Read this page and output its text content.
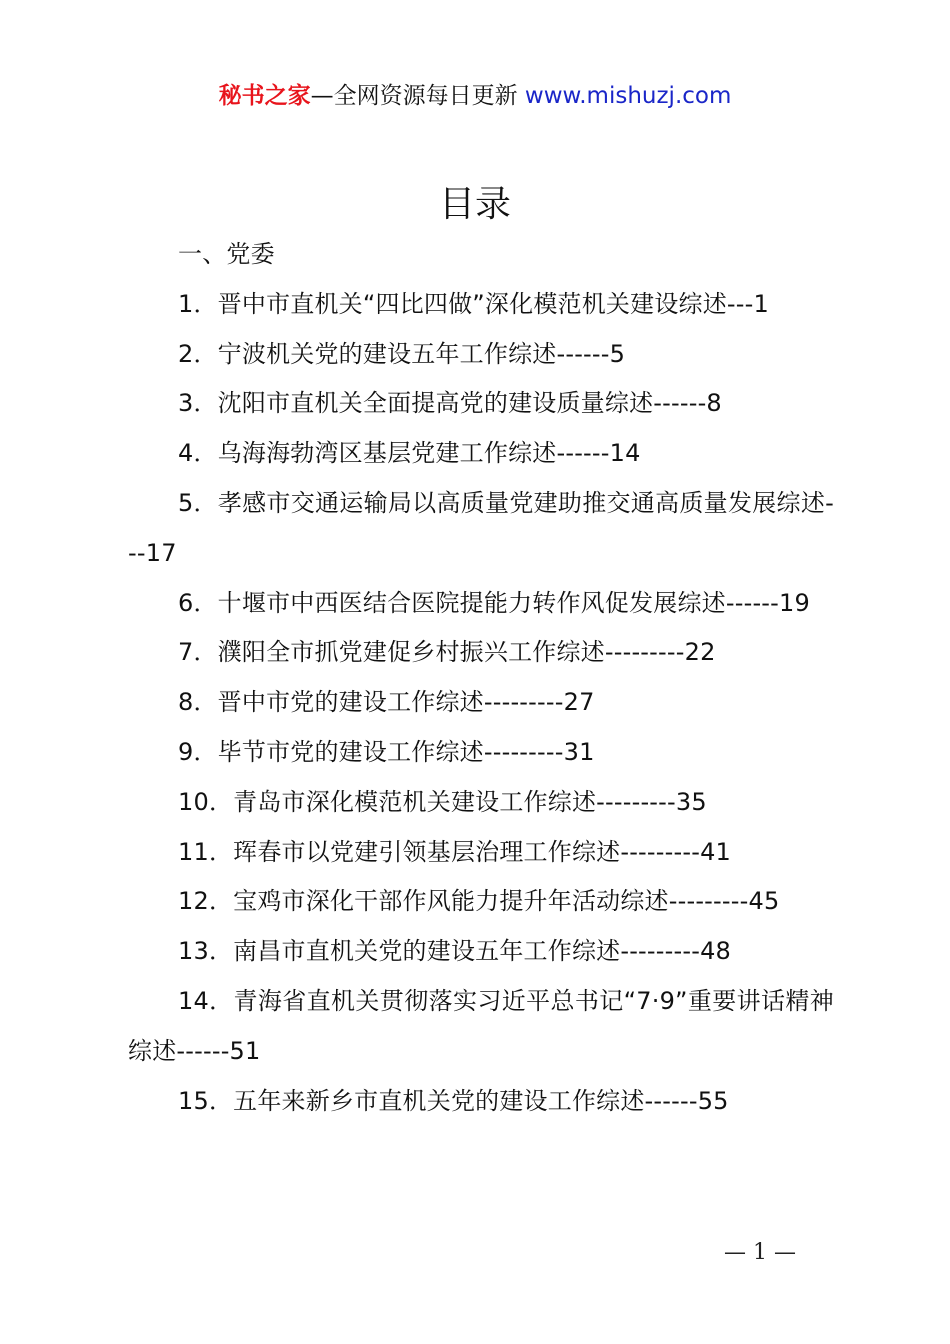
秘书之家—全网资源每日更新 www.mishuzj.com
目录
一、党委
1．晋中市直机关“四比四做”深化模范机关建设综述---1
2．宁波机关党的建设五年工作综述------5
3．沈阳市直机关全面提高党的建设质量综述------8
4．乌海海勃湾区基层党建工作综述------14
5．孝感市交通运输局以高质量党建助推交通高质量发展综述---17
6．十堰市中西医结合医院提能力转作风促发展综述------19
7．濮阳全市抓党建促乡村振兴工作综述---------22
8．晋中市党的建设工作综述---------27
9．毕节市党的建设工作综述---------31
10．青岛市深化模范机关建设工作综述---------35
11．珲春市以党建引领基层治理工作综述---------41
12．宝鸡市深化干部作风能力提升年活动综述---------45
13．南昌市直机关党的建设五年工作综述---------48
14．青海省直机关贯彻落实习近平总书记“7·9”重要讲话精神综述------51
15．五年来新乡市直机关党的建设工作综述------55
— 1 —
